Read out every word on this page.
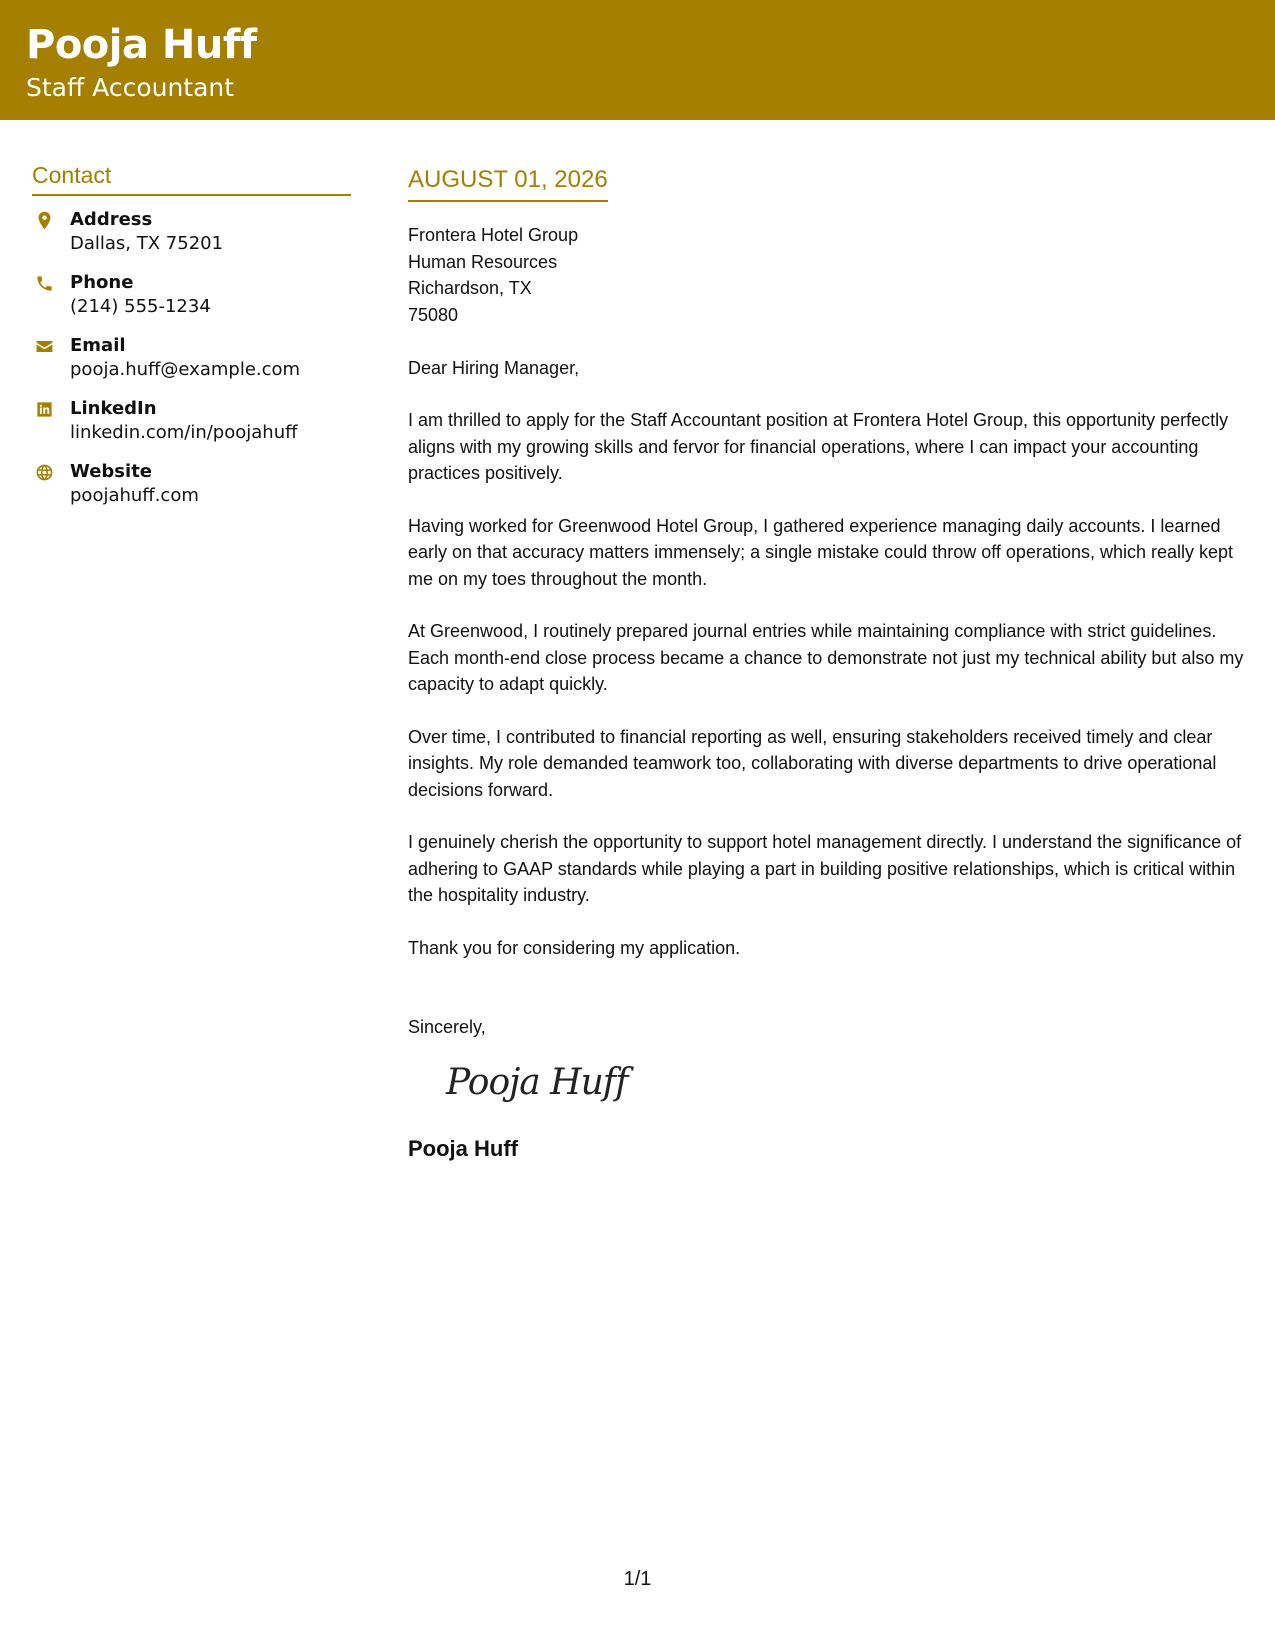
Pooja Huff
Staff Accountant
Contact
Address
Dallas, TX 75201
Phone
(214) 555-1234
Email
pooja.huff@example.com
LinkedIn
linkedin.com/in/poojahuff
Website
poojahuff.com
AUGUST 01, 2026
Frontera Hotel Group
Human Resources
Richardson, TX
75080
Dear Hiring Manager,
I am thrilled to apply for the Staff Accountant position at Frontera Hotel Group, this opportunity perfectly aligns with my growing skills and fervor for financial operations, where I can impact your accounting practices positively.
Having worked for Greenwood Hotel Group, I gathered experience managing daily accounts. I learned early on that accuracy matters immensely; a single mistake could throw off operations, which really kept me on my toes throughout the month.
At Greenwood, I routinely prepared journal entries while maintaining compliance with strict guidelines. Each month-end close process became a chance to demonstrate not just my technical ability but also my capacity to adapt quickly.
Over time, I contributed to financial reporting as well, ensuring stakeholders received timely and clear insights. My role demanded teamwork too, collaborating with diverse departments to drive operational decisions forward.
I genuinely cherish the opportunity to support hotel management directly. I understand the significance of adhering to GAAP standards while playing a part in building positive relationships, which is critical within the hospitality industry.
Thank you for considering my application.
Sincerely,
Pooja Huff
Pooja Huff
1/1
